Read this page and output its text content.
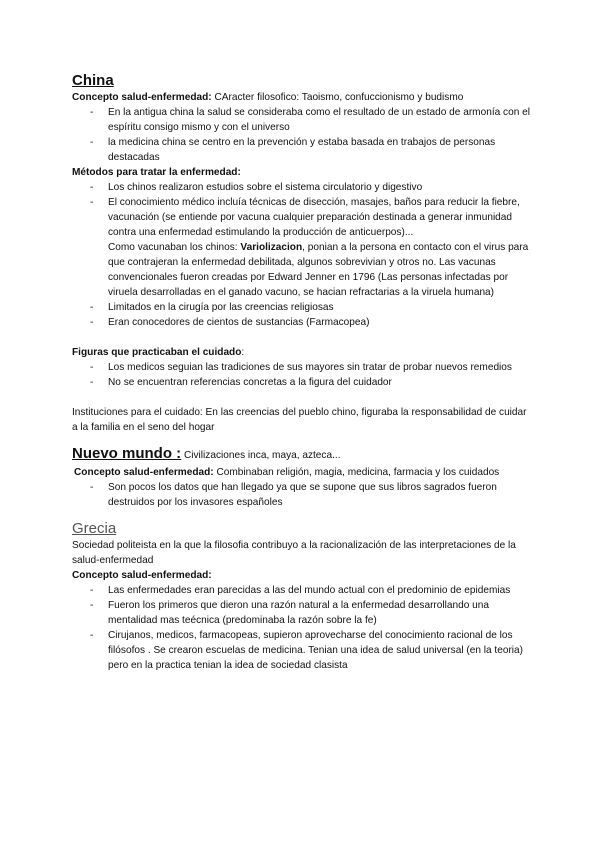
China

Concepto salud-enfermedad: CAracter filosofico: Taoismo, confuccionismo y budismo

- En la antigua china la salud se consideraba como el resultado de un estado de armonía con el espíritu consigo mismo y con el universo
- la medicina china se centro en la prevención y estaba basada en trabajos de personas destacadas

Métodos para tratar la enfermedad:

- Los chinos realizaron estudios sobre el sistema circulatorio y digestivo
- El conocimiento médico incluía técnicas de disección, masajes, baños para reducir la fiebre, vacunación (se entiende por vacuna cualquier preparación destinada a generar inmunidad contra una enfermedad estimulando la producción de anticuerpos)...

Como vacunaban los chinos: Variolizacion, ponian a la persona en contacto con el virus para que contrajeran la enfermedad debilitada, algunos sobrevivian y otros no. Las vacunas convencionales fueron creadas por Edward Jenner en 1796 (Las personas infectadas por viruela desarrolladas en el ganado vacuno, se hacian refractarias a la viruela humana)

- Limitados en la cirugía por las creencias religiosas
- Eran conocedores de cientos de sustancias (Farmacopea)

Figuras que practicaban el cuidado:

- Los medicos seguian las tradiciones de sus mayores sin tratar de probar nuevos remedios
- No se encuentran referencias concretas a la figura del cuidador

Instituciones para el cuidado: En las creencias del pueblo chino, figuraba la responsabilidad de cuidar a la familia en el seno del hogar

Nuevo mundo : Civilizaciones inca, maya, azteca...

Concepto salud-enfermedad: Combinaban religión, magia, medicina, farmacia y los cuidados

- Son pocos los datos que han llegado ya que se supone que sus libros sagrados fueron destruidos por los invasores españoles
Grecia

Sociedad politeista en la que la filosofia contribuyo a la racionalización de las interpretaciones de la salud-enfermedad

Concepto salud-enfermedad:

- Las enfermedades eran parecidas a las del mundo actual con el predominio de epidemias
- Fueron los primeros que dieron una razón natural a la enfermedad desarrollando una mentalidad mas teécnica (predominaba la razón sobre la fe)
- Cirujanos, medicos, farmacopeas, supieron aprovecharse del conocimiento racional de los filósofos . Se crearon escuelas de medicina. Tenian una idea de salud universal (en la teoria) pero en la practica tenian la idea de sociedad clasista
